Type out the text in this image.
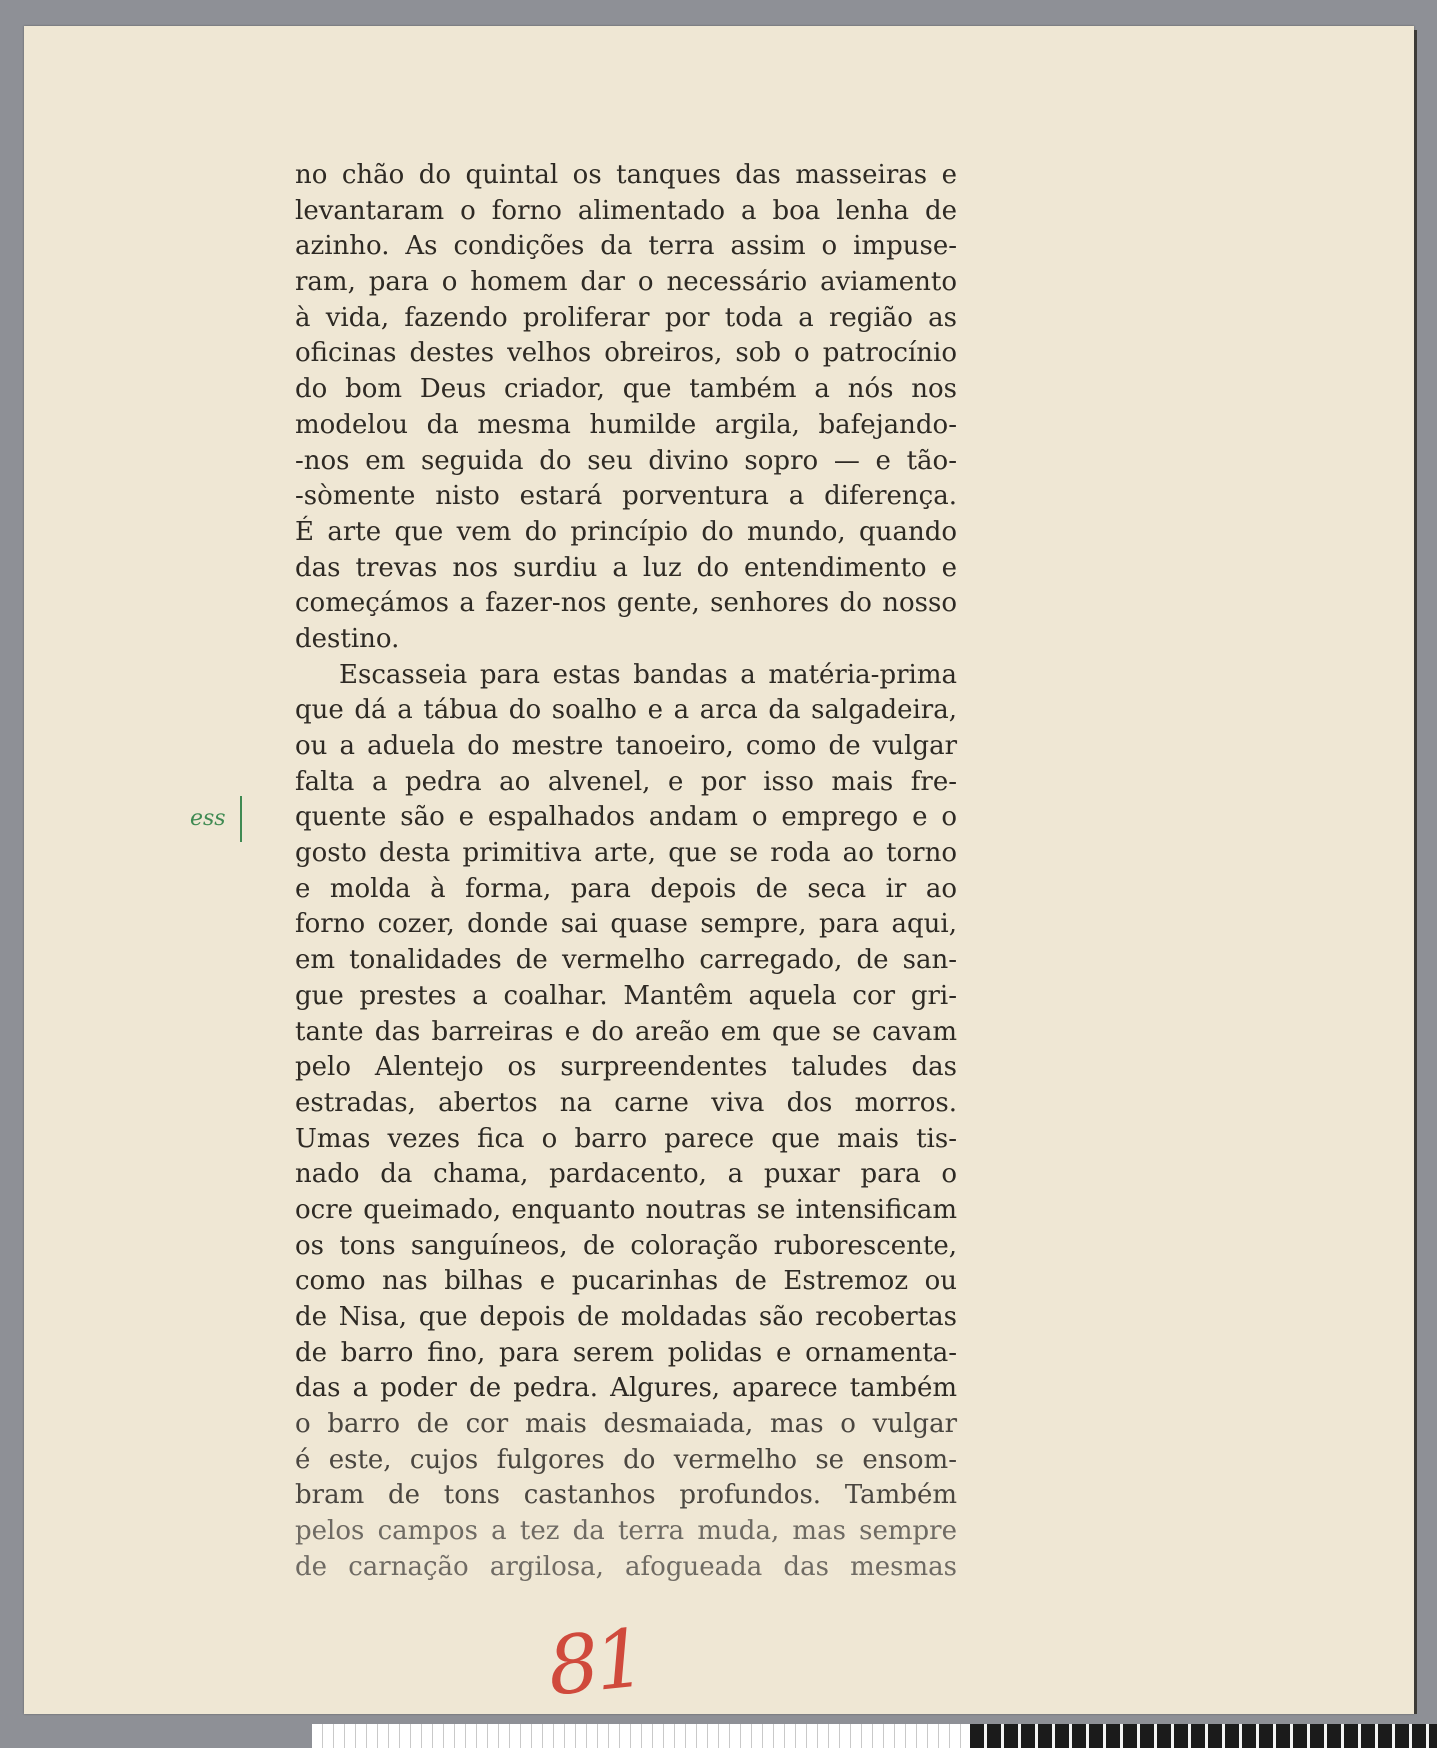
no chão do quintal os tanques das masseiras e
levantaram o forno alimentado a boa lenha de
azinho. As condições da terra assim o impuse-
ram, para o homem dar o necessário aviamento
à vida, fazendo proliferar por toda a região as
oficinas destes velhos obreiros, sob o patrocínio
do bom Deus criador, que também a nós nos
modelou da mesma humilde argila, bafejando-
-nos em seguida do seu divino sopro — e tão-
-sòmente nisto estará porventura a diferença.
É arte que vem do princípio do mundo, quando
das trevas nos surdiu a luz do entendimento e
começámos a fazer-nos gente, senhores do nosso
destino.
Escasseia para estas bandas a matéria-prima
que dá a tábua do soalho e a arca da salgadeira,
ou a aduela do mestre tanoeiro, como de vulgar
falta a pedra ao alvenel, e por isso mais fre-
quente são e espalhados andam o emprego e o
gosto desta primitiva arte, que se roda ao torno
e molda à forma, para depois de seca ir ao
forno cozer, donde sai quase sempre, para aqui,
em tonalidades de vermelho carregado, de san-
gue prestes a coalhar. Mantêm aquela cor gri-
tante das barreiras e do areão em que se cavam
pelo Alentejo os surpreendentes taludes das
estradas, abertos na carne viva dos morros.
Umas vezes fica o barro parece que mais tis-
nado da chama, pardacento, a puxar para o
ocre queimado, enquanto noutras se intensificam
os tons sanguíneos, de coloração ruborescente,
como nas bilhas e pucarinhas de Estremoz ou
de Nisa, que depois de moldadas são recobertas
de barro fino, para serem polidas e ornamenta-
das a poder de pedra. Algures, aparece também
o barro de cor mais desmaiada, mas o vulgar
é este, cujos fulgores do vermelho se ensom-
bram de tons castanhos profundos. Também
pelos campos a tez da terra muda, mas sempre
de carnação argilosa, afogueada das mesmas
ess
81
